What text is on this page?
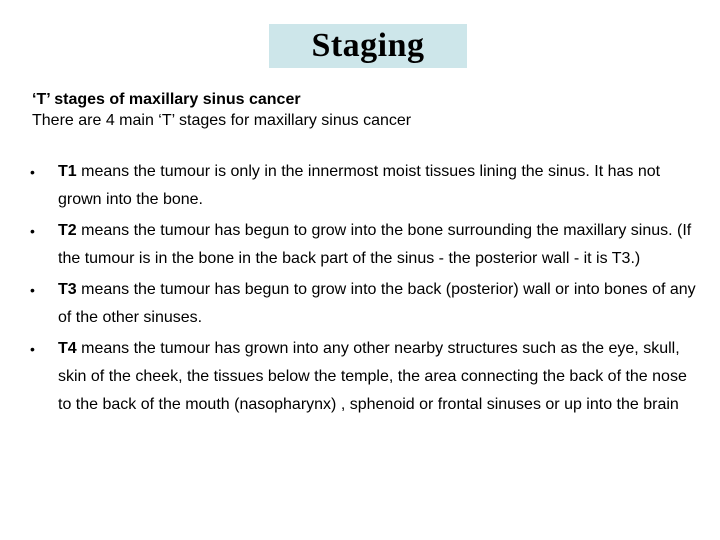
Staging
‘T’ stages of maxillary sinus cancer
There are 4 main ‘T’ stages for maxillary sinus cancer
•	T1 means the tumour is only in the innermost moist tissues lining the sinus. It has not grown into the bone.
•	T2 means the tumour has begun to grow into the bone surrounding the maxillary sinus. (If the tumour is in the bone in the back part of the sinus - the posterior wall - it is T3.)
•	T3 means the tumour has begun to grow into the back (posterior) wall or into bones of any of the other sinuses.
•	T4 means the tumour has grown into any other nearby structures such as the eye, skull, skin of the cheek, the tissues below the temple, the area connecting the back of the nose to the back of the mouth (nasopharynx) , sphenoid or frontal sinuses or up into the brain
